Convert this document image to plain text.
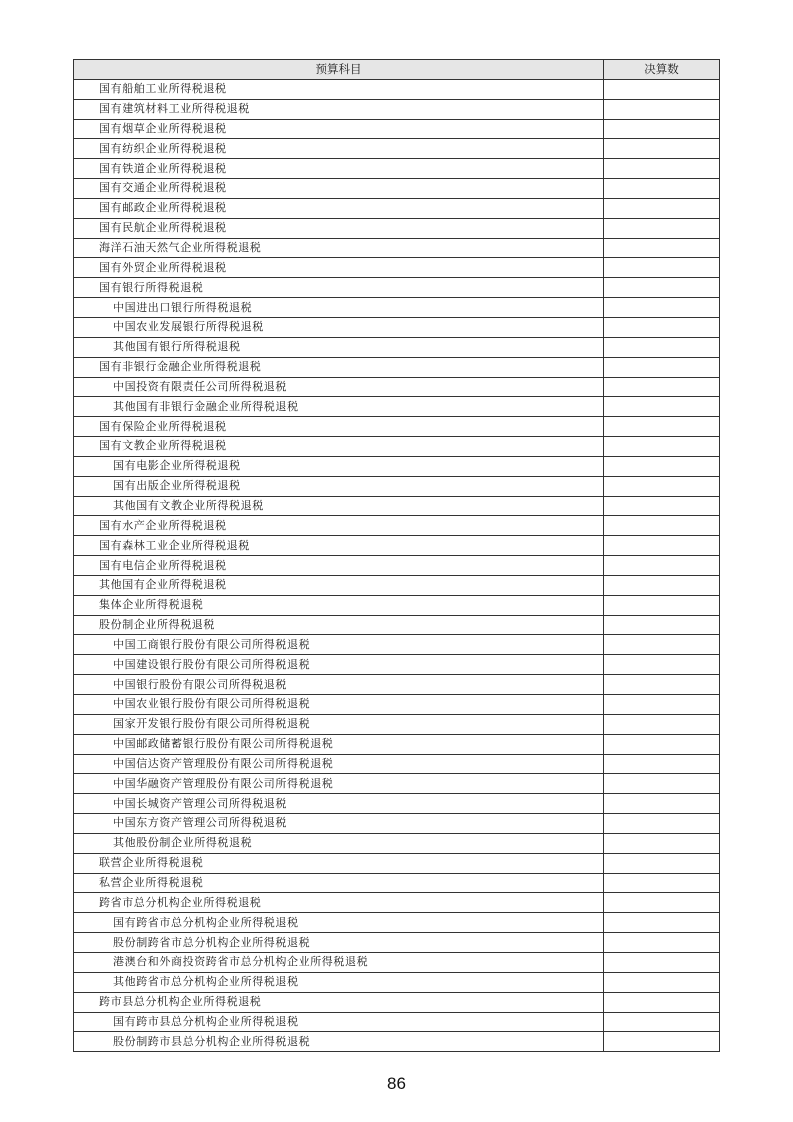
预算科目	决算数
国有船舶工业所得税退税	
国有建筑材料工业所得税退税	
国有烟草企业所得税退税	
国有纺织企业所得税退税	
国有铁道企业所得税退税	
国有交通企业所得税退税	
国有邮政企业所得税退税	
国有民航企业所得税退税	
海洋石油天然气企业所得税退税	
国有外贸企业所得税退税	
国有银行所得税退税	
中国进出口银行所得税退税	
中国农业发展银行所得税退税	
其他国有银行所得税退税	
国有非银行金融企业所得税退税	
中国投资有限责任公司所得税退税	
其他国有非银行金融企业所得税退税	
国有保险企业所得税退税	
国有文教企业所得税退税	
国有电影企业所得税退税	
国有出版企业所得税退税	
其他国有文教企业所得税退税	
国有水产企业所得税退税	
国有森林工业企业所得税退税	
国有电信企业所得税退税	
其他国有企业所得税退税	
集体企业所得税退税	
股份制企业所得税退税	
中国工商银行股份有限公司所得税退税	
中国建设银行股份有限公司所得税退税	
中国银行股份有限公司所得税退税	
中国农业银行股份有限公司所得税退税	
国家开发银行股份有限公司所得税退税	
中国邮政储蓄银行股份有限公司所得税退税	
中国信达资产管理股份有限公司所得税退税	
中国华融资产管理股份有限公司所得税退税	
中国长城资产管理公司所得税退税	
中国东方资产管理公司所得税退税	
其他股份制企业所得税退税	
联营企业所得税退税	
私营企业所得税退税	
跨省市总分机构企业所得税退税	
国有跨省市总分机构企业所得税退税	
股份制跨省市总分机构企业所得税退税	
港澳台和外商投资跨省市总分机构企业所得税退税	
其他跨省市总分机构企业所得税退税	
跨市县总分机构企业所得税退税	
国有跨市县总分机构企业所得税退税	
股份制跨市县总分机构企业所得税退税	
86
